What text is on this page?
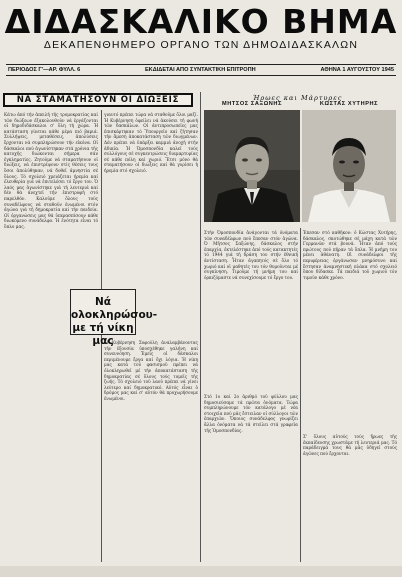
ΔΙΔΑΣΚΑΛΙΚΟ ΒΗΜΑ
ΔΕΚΑΠΕΝΘΗΜΕΡΟ ΟΡΓΑΝΟ ΤΩΝ ΔΗΜΟΔΙΔΑΣΚΑΛΩΝ
ΠΕΡΙΟΔΟΣ Γ'—ΑΡ. ΦΥΛΛ. 6	ΕΚΔΙΔΕΤΑΙ ΑΠΟ ΣΥΝΤΑΚΤΙΚΗ ΕΠΙΤΡΟΠΗ	ΑΘΗΝΑ 1 ΑΥΓΟΥΣΤΟΥ 1945
ΝΑ ΣΤΑΜΑΤΗΣΟΥΝ ΟΙ ΔΙΩΞΕΙΣ	Ήρωες και Μάρτυρες
ΜΗΤΣΟΣ ΣΑΞΩΝΗΣ	ΚΩΣΤΑΣ ΧΥΤΗΡΗΣ
Κάτω ἀπό τήν ἀπειλή τῆς τρομοκρατίας καί τῶν διώξεων ἐξακολουθοῦν νά ἐργάζονται οἱ δημοδιδάσκαλοι σ' ὅλη τή χώρα. Ἡ κατάσταση γίνεται κάθε μέρα πιό βαριά. Συλλήψεις, μεταθέσεις, ἀπολύσεις ἔρχονται νά συμπληρώσουν τήν εἰκόνα. Οἱ δάσκαλοι πού ἀγωνίστηκαν στά χρόνια τῆς κατοχῆς διώκονται σήμερα σάν ἐγκληματίες. Ζητοῦμε νά σταματήσουν οἱ διώξεις, νά ἐπιστρέψουν στίς θέσεις τους ὅσοι ἀπολύθηκαν, νά δοθεῖ ἀμνηστία σέ ὅλους. Τό σχολειό χρειάζεται ἠρεμία καί ἐλευθερία γιά νά ἐπιτελέσει τό ἔργο του. Ὁ λαός μας ἀγωνίστηκε γιά τή λευτεριά καί δέν θά ἀνεχτεῖ τήν ἐπιστροφή στό παρελθόν. Καλοῦμε ὅλους τούς συναδέλφους νά σταθοῦν ἑνωμένοι στόν ἀγώνα γιά τή δημοκρατία καί τήν παιδεία. Οἱ ὀργανώσεις μας θά ὑπερασπίσουν κάθε διωκόμενο συνάδελφο. Ἡ ἑνότητα εἶναι τό ὅπλο μας.
γιαυτό πρέπει τώρα νά σταθοῦμε ὅλοι μαζί. Ἡ Κυβέρνηση ὀφείλει νά ἀκούσει τή φωνή τῶν δασκάλων. Οἱ ἀντιπροσωπεῖες μας ἐπισκέφτηκαν τό Ὑπουργεῖο καί ζήτησαν τήν ἄμεση ἀποκατάσταση τῶν διωγμένων. Δέν πρέπει νά ὑπάρξει καμμιά ἀνοχή στήν ἀδικία. Ἡ Ὁμοσπονδία καλεῖ τούς συλλόγους σέ συγκεντρώσεις διαμαρτυρίας σέ κάθε πόλη καί χωριό. Ἔτσι μόνο θά σταματήσουν οἱ διώξεις καί θά γυρίσει ἡ ἠρεμία στό σχολειό.
Νά ολοκληρώσου-
με τή νίκη μας
Ἡ Κυβέρνηση Σοφούλη ἀναλαμβάνοντας τήν ἐξουσία ὑποσχέθηκε γαλήνη καί συνεννόηση. Ἐμεῖς οἱ δάσκαλοι περιμένουμε ἔργα καί ὄχι λόγια. Ἡ νίκη μας κατά τοῦ φασισμοῦ πρέπει νά ὁλοκληρωθεῖ μέ τήν ἀποκατάσταση τῆς δημοκρατίας σέ ὅλους τούς τομεῖς τῆς ζωῆς. Τό σχολειό τοῦ λαοῦ πρέπει νά γίνει λεύτερο καί δημοκρατικό. Αὐτός εἶναι ὁ δρόμος μας καί σ' αὐτόν θά προχωρήσουμε ἑνωμένοι.
Στήν Ὁμοσπονδία ἀνάγονται τά ὀνόματα τῶν συναδέλφων πού ἔπεσαν στόν ἀγώνα. Ὁ Μῆτσος Σαξώνης, δάσκαλος στήν ἐπαρχία, ἐκτελέστηκε ἀπό τούς κατακτητές τό 1944 γιά τή δράση του στήν ἐθνική ἀντίσταση. Ἦταν ἀγαπητός σέ ὅλο τό χωριό καί οἱ μαθητές του τόν θυμοῦνται μέ συγκίνηση. Τιμοῦμε τή μνήμη του καί ὁρκιζόμαστε νά συνεχίσουμε τό ἔργο του.
Στό 1ο καί 2ο ἀριθμό τοῦ φύλλου μας δημοσιεύσαμε τά πρῶτα ὀνόματα. Τώρα συμπληρώνουμε τόν κατάλογο μέ νέα στοιχεῖα πού μᾶς ἔστειλαν οἱ σύλλογοι τῶν ἐπαρχιῶν. Ὅποιος συνάδελφος γνωρίζει ἄλλα ὀνόματα νά τά στείλει στά γραφεῖα τῆς Ὁμοσπονδίας.
Ἐπεσαν στό καθῆκον: ὁ Κώστας Χυτήρης, δάσκαλος, σκοτώθηκε σέ μάχη κατά τῶν Γερμανῶν στά βουνά. Ἦταν ἀπό τούς πρώτους πού πῆραν τά ὅπλα. Ἡ μνήμη του μένει ἀθάνατη. Οἱ συνάδελφοι τῆς περιφέρειας ὀργάνωσαν μνημόσυνο καί ἔστησαν ἀναμνηστική πλάκα στό σχολειό ὅπου δίδασκε. Τά παιδιά τοῦ χωριοῦ τόν τιμοῦν κάθε χρόνο.
Σ' ὅλους αὐτούς τούς ἥρωες τῆς ἐκπαίδευσης χρωστᾶμε τή λευτεριά μας. Τό παράδειγμά τους θά μᾶς ὁδηγεῖ στούς ἀγῶνες πού ἔρχονται.
